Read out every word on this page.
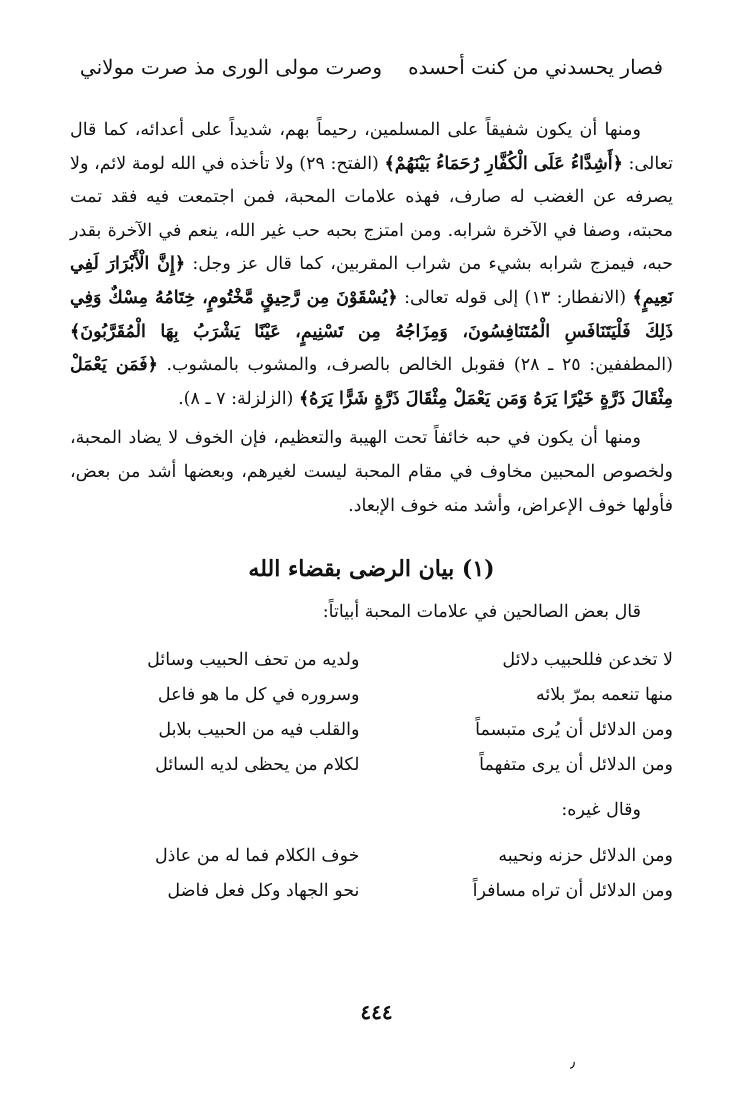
فصار يحسدني من كنت أحسدهوصرت مولى الورى مذ صرت مولاني

ومنها أن يكون شفيقاً على المسلمين، رحيماً بهم، شديداً على أعدائه، كما قال تعالى: ﴿أَشِدَّاءُ عَلَى الْكُفَّارِ رُحَمَاءُ بَيْنَهُمْ﴾ (الفتح: ٢٩) ولا تأخذه في الله لومة لائم، ولا يصرفه عن الغضب له صارف، فهذه علامات المحبة، فمن اجتمعت فيه فقد تمت محبته، وصفا في الآخرة شرابه. ومن امتزج بحبه حب غير الله، ينعم في الآخرة بقدر حبه، فيمزج شرابه بشيء من شراب المقربين، كما قال عز وجل: ﴿إِنَّ الْأَبْرَارَ لَفِي نَعِيمٍ﴾ (الانفطار: ١٣) إلى قوله تعالى: ﴿يُسْقَوْنَ مِن رَّحِيقٍ مَّخْتُومٍ، خِتَامُهُ مِسْكٌ وَفِي ذَلِكَ فَلْيَتَنَافَسِ الْمُتَنَافِسُونَ، وَمِزَاجُهُ مِن تَسْنِيمٍ، عَيْنًا يَشْرَبُ بِهَا الْمُقَرَّبُونَ﴾ (المطففين: ٢٥ ـ ٢٨) فقوبل الخالص بالصرف، والمشوب بالمشوب. ﴿فَمَن يَعْمَلْ مِثْقَالَ ذَرَّةٍ خَيْرًا يَرَهُ وَمَن يَعْمَلْ مِثْقَالَ ذَرَّةٍ شَرًّا يَرَهُ﴾ (الزلزلة: ٧ ـ ٨).

ومنها أن يكون في حبه خائفاً تحت الهيبة والتعظيم، فإن الخوف لا يضاد المحبة، ولخصوص المحبين مخاوف في مقام المحبة ليست لغيرهم، وبعضها أشد من بعض، فأولها خوف الإعراض، وأشد منه خوف الإبعاد.

(١) بيان الرضى بقضاء الله

قال بعض الصالحين في علامات المحبة أبياتاً:

لا تخدعن فللحبيب دلائل
ولديه من تحف الحبيب وسائل
منها تنعمه بمرّ بلائه
وسروره في كل ما هو فاعل
ومن الدلائل أن يُرى متبسماً
والقلب فيه من الحبيب بلابل
ومن الدلائل أن يرى متفهماً
لكلام من يحظى لديه السائل

وقال غيره:

ومن الدلائل حزنه ونحيبه
خوف الكلام فما له من عاذل
ومن الدلائل أن تراه مسافراً
نحو الجهاد وكل فعل فاضل
٤٤٤
٫
